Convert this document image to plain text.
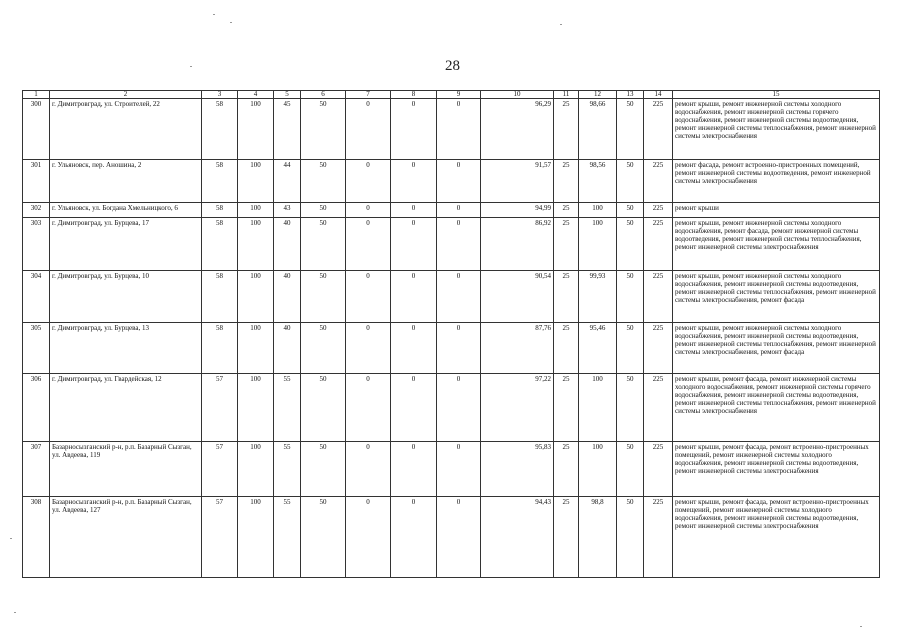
28
1	2	3	4	5	6	7	8	9	10	11	12	13	14	15
300	г. Димитровград, ул. Строителей, 22	58	100	45	50	0	0	0	96,29	25	98,66	50	225	ремонт крыши, ремонт инженерной системы холодного водоснабжения, ремонт инженерной системы горячего водоснабжения, ремонт инженерной системы водоотведения, ремонт инженерной системы теплоснабжения, ремонт инженерной системы электроснабжения
301	г. Ульяновск, пер. Аношина, 2	58	100	44	50	0	0	0	91,57	25	98,56	50	225	ремонт фасада, ремонт встроенно-пристроенных помещений, ремонт инженерной системы водоотведения, ремонт инженерной системы электроснабжения
302	г. Ульяновск, ул. Богдана Хмельницкого, 6	58	100	43	50	0	0	0	94,99	25	100	50	225	ремонт крыши
303	г. Димитровград, ул. Бурцева, 17	58	100	40	50	0	0	0	86,92	25	100	50	225	ремонт крыши, ремонт инженерной системы холодного водоснабжения, ремонт фасада, ремонт инженерной системы водоотведения, ремонт инженерной системы теплоснабжения, ремонт инженерной системы электроснабжения
304	г. Димитровград, ул. Бурцева, 10	58	100	40	50	0	0	0	90,54	25	99,93	50	225	ремонт крыши, ремонт инженерной системы холодного водоснабжения, ремонт инженерной системы водоотведения, ремонт инженерной системы теплоснабжения, ремонт инженерной системы электроснабжения, ремонт фасада
305	г. Димитровград, ул. Бурцева, 13	58	100	40	50	0	0	0	87,76	25	95,46	50	225	ремонт крыши, ремонт инженерной системы холодного водоснабжения, ремонт инженерной системы водоотведения, ремонт инженерной системы теплоснабжения, ремонт инженерной системы электроснабжения, ремонт фасада
306	г. Димитровград, ул. Гвардейская, 12	57	100	55	50	0	0	0	97,22	25	100	50	225	ремонт крыши, ремонт фасада, ремонт инженерной системы холодного водоснабжения, ремонт инженерной системы горячего водоснабжения, ремонт инженерной системы водоотведения, ремонт инженерной системы теплоснабжения, ремонт инженерной системы электроснабжения
307	Базарносызганский р-н, р.п. Базарный Сызган, ул. Авдеева, 119	57	100	55	50	0	0	0	95,83	25	100	50	225	ремонт крыши, ремонт фасада, ремонт встроенно-пристроенных помещений, ремонт инженерной системы холодного водоснабжения, ремонт инженерной системы водоотведения, ремонт инженерной системы электроснабжения
308	Базарносызганский р-н, р.п. Базарный Сызган, ул. Авдеева, 127	57	100	55	50	0	0	0	94,43	25	98,8	50	225	ремонт крыши, ремонт фасада, ремонт встроенно-пристроенных помещений, ремонт инженерной системы холодного водоснабжения, ремонт инженерной системы водоотведения, ремонт инженерной системы электроснабжения
